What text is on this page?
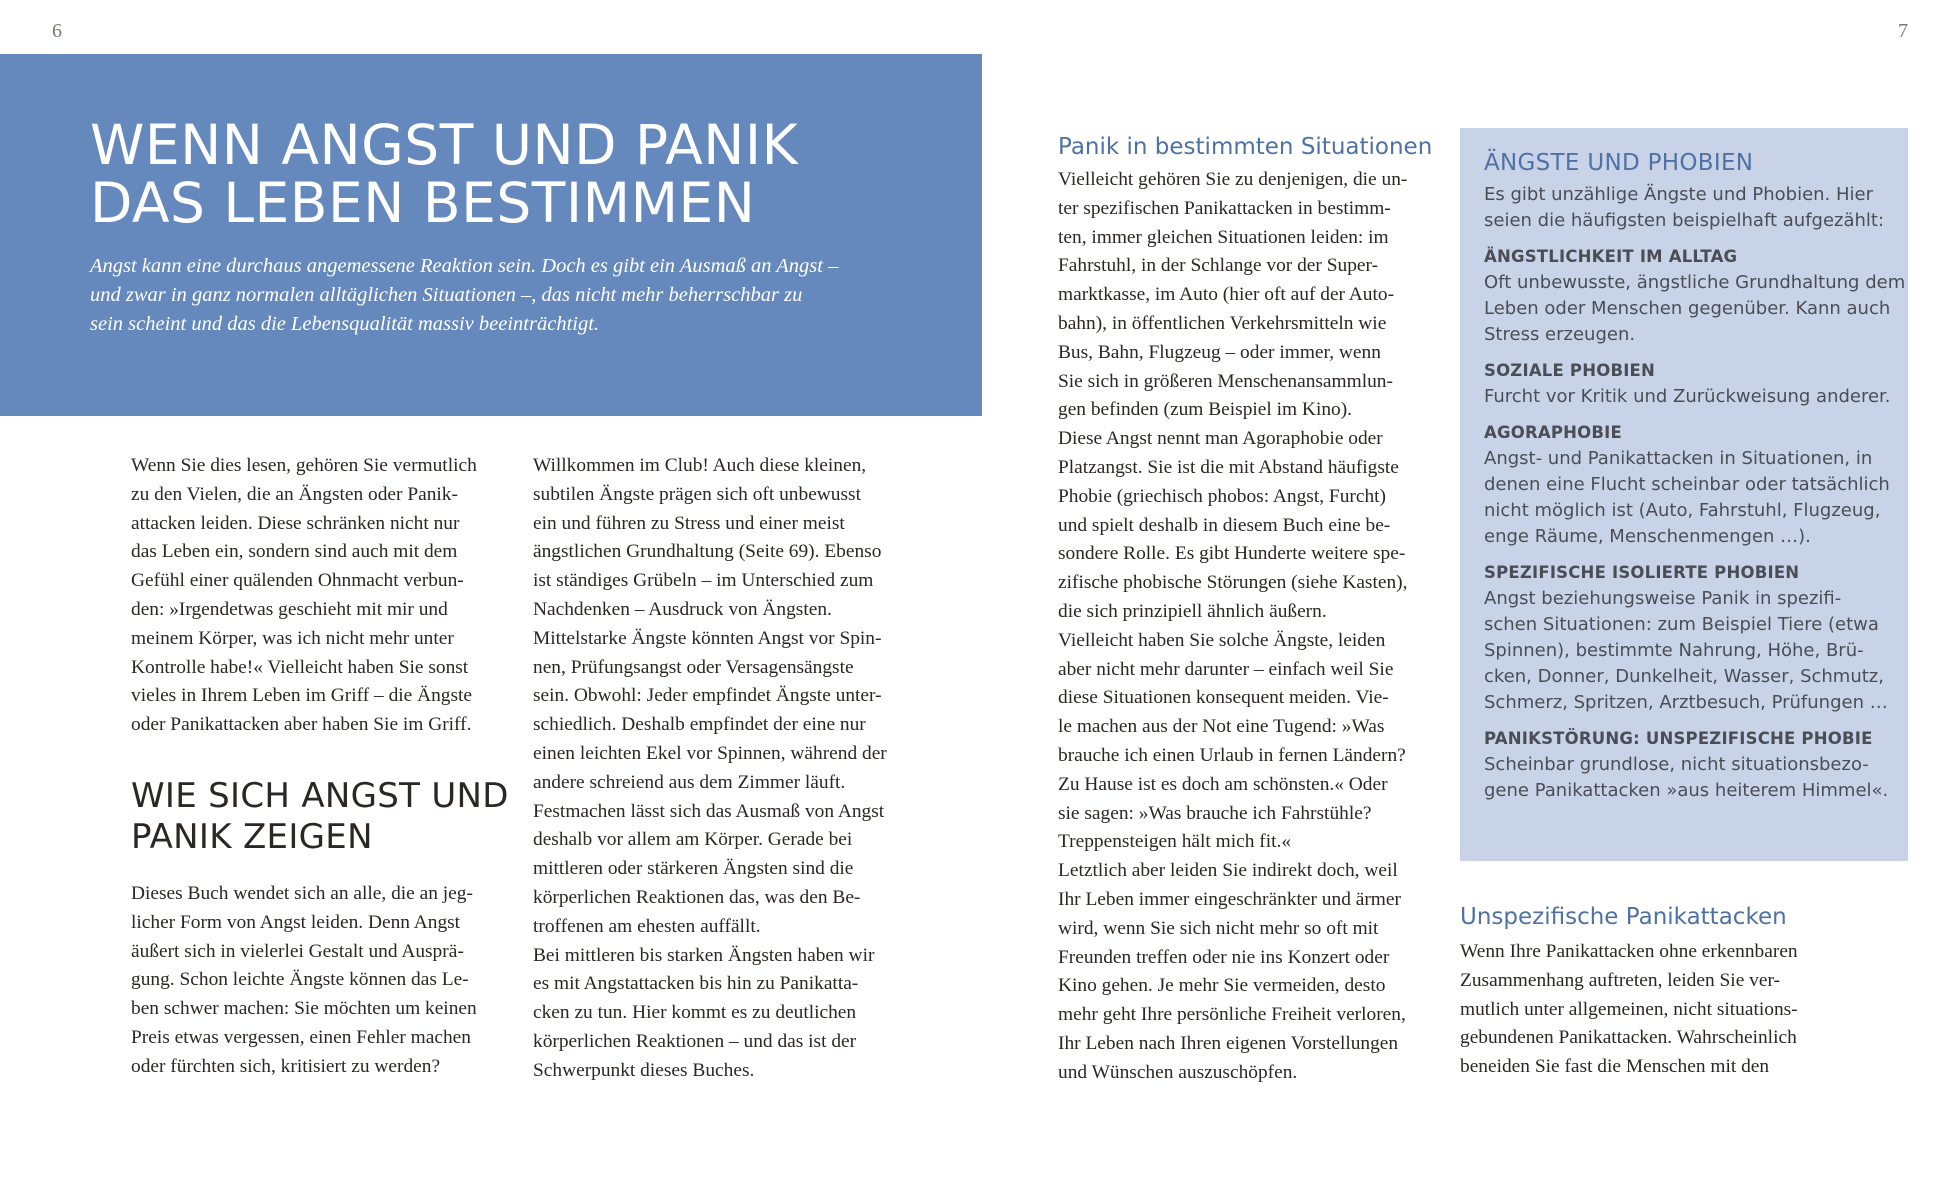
6	7
WENN ANGST UND PANIK
DAS LEBEN BESTIMMEN

Angst kann eine durchaus angemessene Reaktion sein. Doch es gibt ein Ausmaß an Angst –
und zwar in ganz normalen alltäglichen Situationen –, das nicht mehr beherrschbar zu
sein scheint und das die Lebensqualität massiv beeinträchtigt.

Wenn Sie dies lesen, gehören Sie vermutlich
zu den Vielen, die an Ängsten oder Panik-
attacken leiden. Diese schränken nicht nur
das Leben ein, sondern sind auch mit dem
Gefühl einer quälenden Ohnmacht verbun-
den: »Irgendetwas geschieht mit mir und
meinem Körper, was ich nicht mehr unter
Kontrolle habe!« Vielleicht haben Sie sonst
vieles in Ihrem Leben im Griff – die Ängste
oder Panikattacken aber haben Sie im Griff.

WIE SICH ANGST UND
PANIK ZEIGEN

Dieses Buch wendet sich an alle, die an jeg-
licher Form von Angst leiden. Denn Angst
äußert sich in vielerlei Gestalt und Ausprä-
gung. Schon leichte Ängste können das Le-
ben schwer machen: Sie möchten um keinen
Preis etwas vergessen, einen Fehler machen
oder fürchten sich, kritisiert zu werden?

Willkommen im Club! Auch diese kleinen,
subtilen Ängste prägen sich oft unbewusst
ein und führen zu Stress und einer meist
ängstlichen Grundhaltung (Seite 69). Ebenso
ist ständiges Grübeln – im Unterschied zum
Nachdenken – Ausdruck von Ängsten.
Mittelstarke Ängste könnten Angst vor Spin-
nen, Prüfungsangst oder Versagensängste
sein. Obwohl: Jeder empfindet Ängste unter-
schiedlich. Deshalb empfindet der eine nur
einen leichten Ekel vor Spinnen, während der
andere schreiend aus dem Zimmer läuft.
Festmachen lässt sich das Ausmaß von Angst
deshalb vor allem am Körper. Gerade bei
mittleren oder stärkeren Ängsten sind die
körperlichen Reaktionen das, was den Be-
troffenen am ehesten auffällt.
Bei mittleren bis starken Ängsten haben wir
es mit Angstattacken bis hin zu Panikatta-
cken zu tun. Hier kommt es zu deutlichen
körperlichen Reaktionen – und das ist der
Schwerpunkt dieses Buches.

Panik in bestimmten Situationen

Vielleicht gehören Sie zu denjenigen, die un-
ter spezifischen Panikattacken in bestimm-
ten, immer gleichen Situationen leiden: im
Fahrstuhl, in der Schlange vor der Super-
marktkasse, im Auto (hier oft auf der Auto-
bahn), in öffentlichen Verkehrsmitteln wie
Bus, Bahn, Flugzeug – oder immer, wenn
Sie sich in größeren Menschenansammlun-
gen befinden (zum Beispiel im Kino).
Diese Angst nennt man Agoraphobie oder
Platzangst. Sie ist die mit Abstand häufigste
Phobie (griechisch phobos: Angst, Furcht)
und spielt deshalb in diesem Buch eine be-
sondere Rolle. Es gibt Hunderte weitere spe-
zifische phobische Störungen (siehe Kasten),
die sich prinzipiell ähnlich äußern.
Vielleicht haben Sie solche Ängste, leiden
aber nicht mehr darunter – einfach weil Sie
diese Situationen konsequent meiden. Vie-
le machen aus der Not eine Tugend: »Was
brauche ich einen Urlaub in fernen Ländern?
Zu Hause ist es doch am schönsten.« Oder
sie sagen: »Was brauche ich Fahrstühle?
Treppensteigen hält mich fit.«
Letztlich aber leiden Sie indirekt doch, weil
Ihr Leben immer eingeschränkter und ärmer
wird, wenn Sie sich nicht mehr so oft mit
Freunden treffen oder nie ins Konzert oder
Kino gehen. Je mehr Sie vermeiden, desto
mehr geht Ihre persönliche Freiheit verloren,
Ihr Leben nach Ihren eigenen Vorstellungen
und Wünschen auszuschöpfen.

ÄNGSTE UND PHOBIEN
Es gibt unzählige Ängste und Phobien. Hier
seien die häufigsten beispielhaft aufgezählt:
ÄNGSTLICHKEIT IM ALLTAG
Oft unbewusste, ängstliche Grundhaltung dem
Leben oder Menschen gegenüber. Kann auch
Stress erzeugen.
SOZIALE PHOBIEN
Furcht vor Kritik und Zurückweisung anderer.
AGORAPHOBIE
Angst- und Panikattacken in Situationen, in
denen eine Flucht scheinbar oder tatsächlich
nicht möglich ist (Auto, Fahrstuhl, Flugzeug,
enge Räume, Menschenmengen …).
SPEZIFISCHE ISOLIERTE PHOBIEN
Angst beziehungsweise Panik in spezifi-
schen Situationen: zum Beispiel Tiere (etwa
Spinnen), bestimmte Nahrung, Höhe, Brü-
cken, Donner, Dunkelheit, Wasser, Schmutz,
Schmerz, Spritzen, Arztbesuch, Prüfungen …
PANIKSTÖRUNG: UNSPEZIFISCHE PHOBIE
Scheinbar grundlose, nicht situationsbezo-
gene Panikattacken »aus heiterem Himmel«.
Unspezifische Panikattacken

Wenn Ihre Panikattacken ohne erkennbaren
Zusammenhang auftreten, leiden Sie ver-
mutlich unter allgemeinen, nicht situations-
gebundenen Panikattacken. Wahrscheinlich
beneiden Sie fast die Menschen mit den
